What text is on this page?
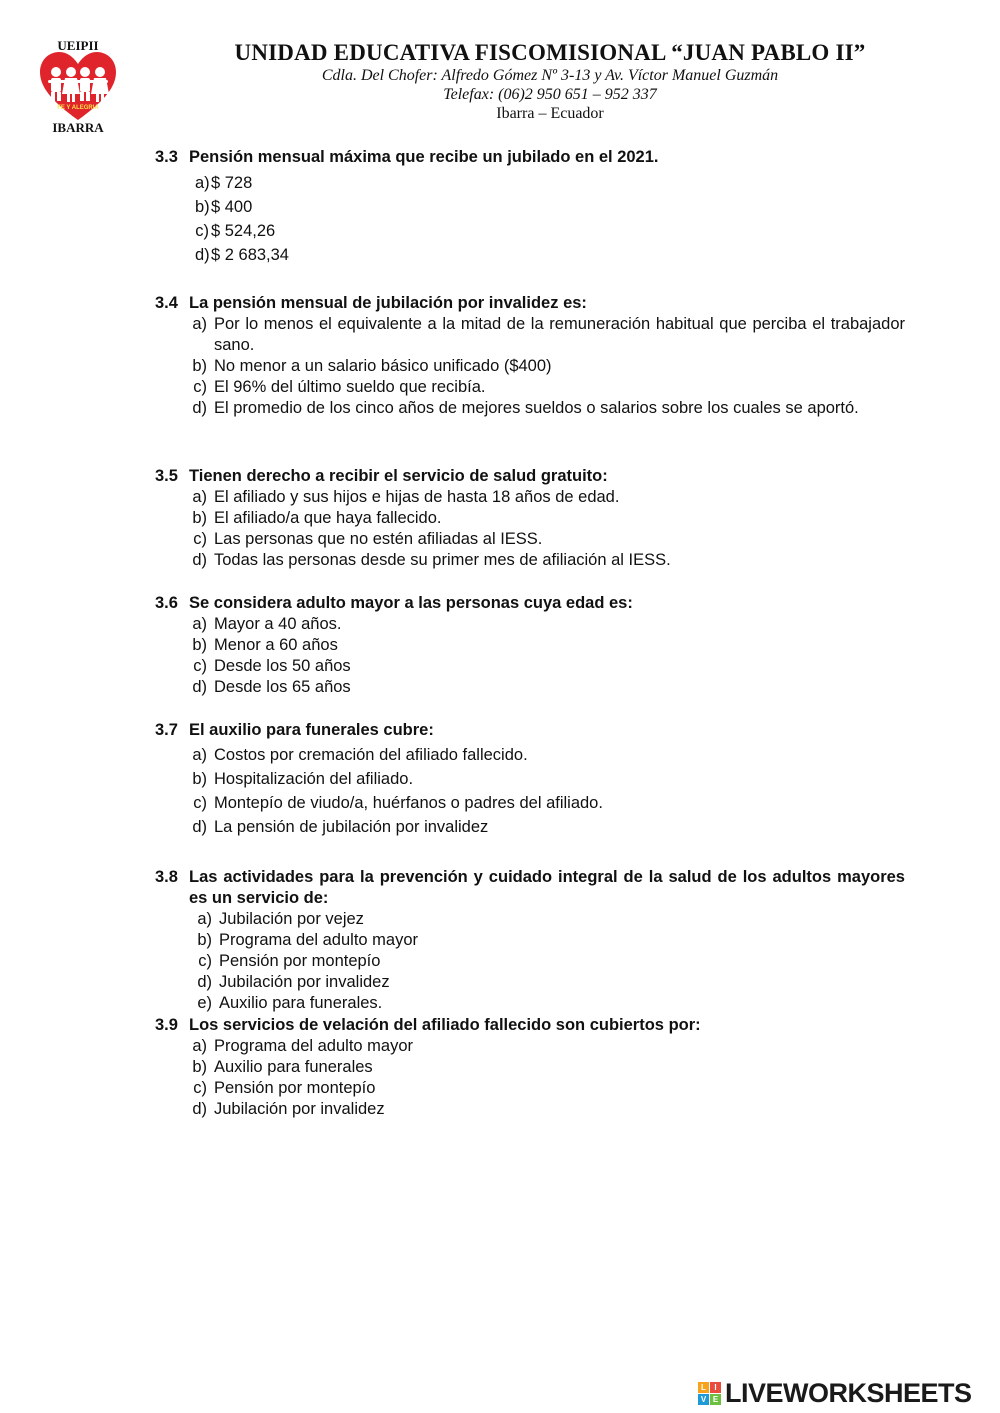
UEIPII
FE Y ALEGRIA
IBARRA
UNIDAD EDUCATIVA FISCOMISIONAL “JUAN PABLO II”
Cdla. Del Chofer: Alfredo Gómez Nº 3-13 y Av. Víctor Manuel Guzmán
Telefax: (06)2 950 651 – 952 337
Ibarra – Ecuador
3.3 Pensión mensual máxima que recibe un jubilado en el 2021.
a) $ 728
b) $ 400
c) $ 524,26
d) $ 2 683,34
3.4 La pensión mensual de jubilación por invalidez es:
a) Por lo menos el equivalente a la mitad de la remuneración habitual que perciba el trabajador sano.
b) No menor a un salario básico unificado ($400)
c) El 96% del último sueldo que recibía.
d) El promedio de los cinco años de mejores sueldos o salarios sobre los cuales se aportó.
3.5 Tienen derecho a recibir el servicio de salud gratuito:
a) El afiliado y sus hijos e hijas de hasta 18 años de edad.
b) El afiliado/a que haya fallecido.
c) Las personas que no estén afiliadas al IESS.
d) Todas las personas desde su primer mes de afiliación al IESS.
3.6 Se considera adulto mayor a las personas cuya edad es:
a) Mayor a 40 años.
b) Menor a 60 años
c) Desde los 50 años
d) Desde los 65 años
3.7 El auxilio para funerales cubre:
a) Costos por cremación del afiliado fallecido.
b) Hospitalización del afiliado.
c) Montepío de viudo/a, huérfanos o padres del afiliado.
d) La pensión de jubilación por invalidez
3.8 Las actividades para la prevención y cuidado integral de la salud de los adultos mayores es un servicio de:
a) Jubilación por vejez
b) Programa del adulto mayor
c) Pensión por montepío
d) Jubilación por invalidez
e) Auxilio para funerales.
3.9 Los servicios de velación del afiliado fallecido son cubiertos por:
a) Programa del adulto mayor
b) Auxilio para funerales
c) Pensión por montepío
d) Jubilación por invalidez
L	I
V E LIVEWORKSHEETS
